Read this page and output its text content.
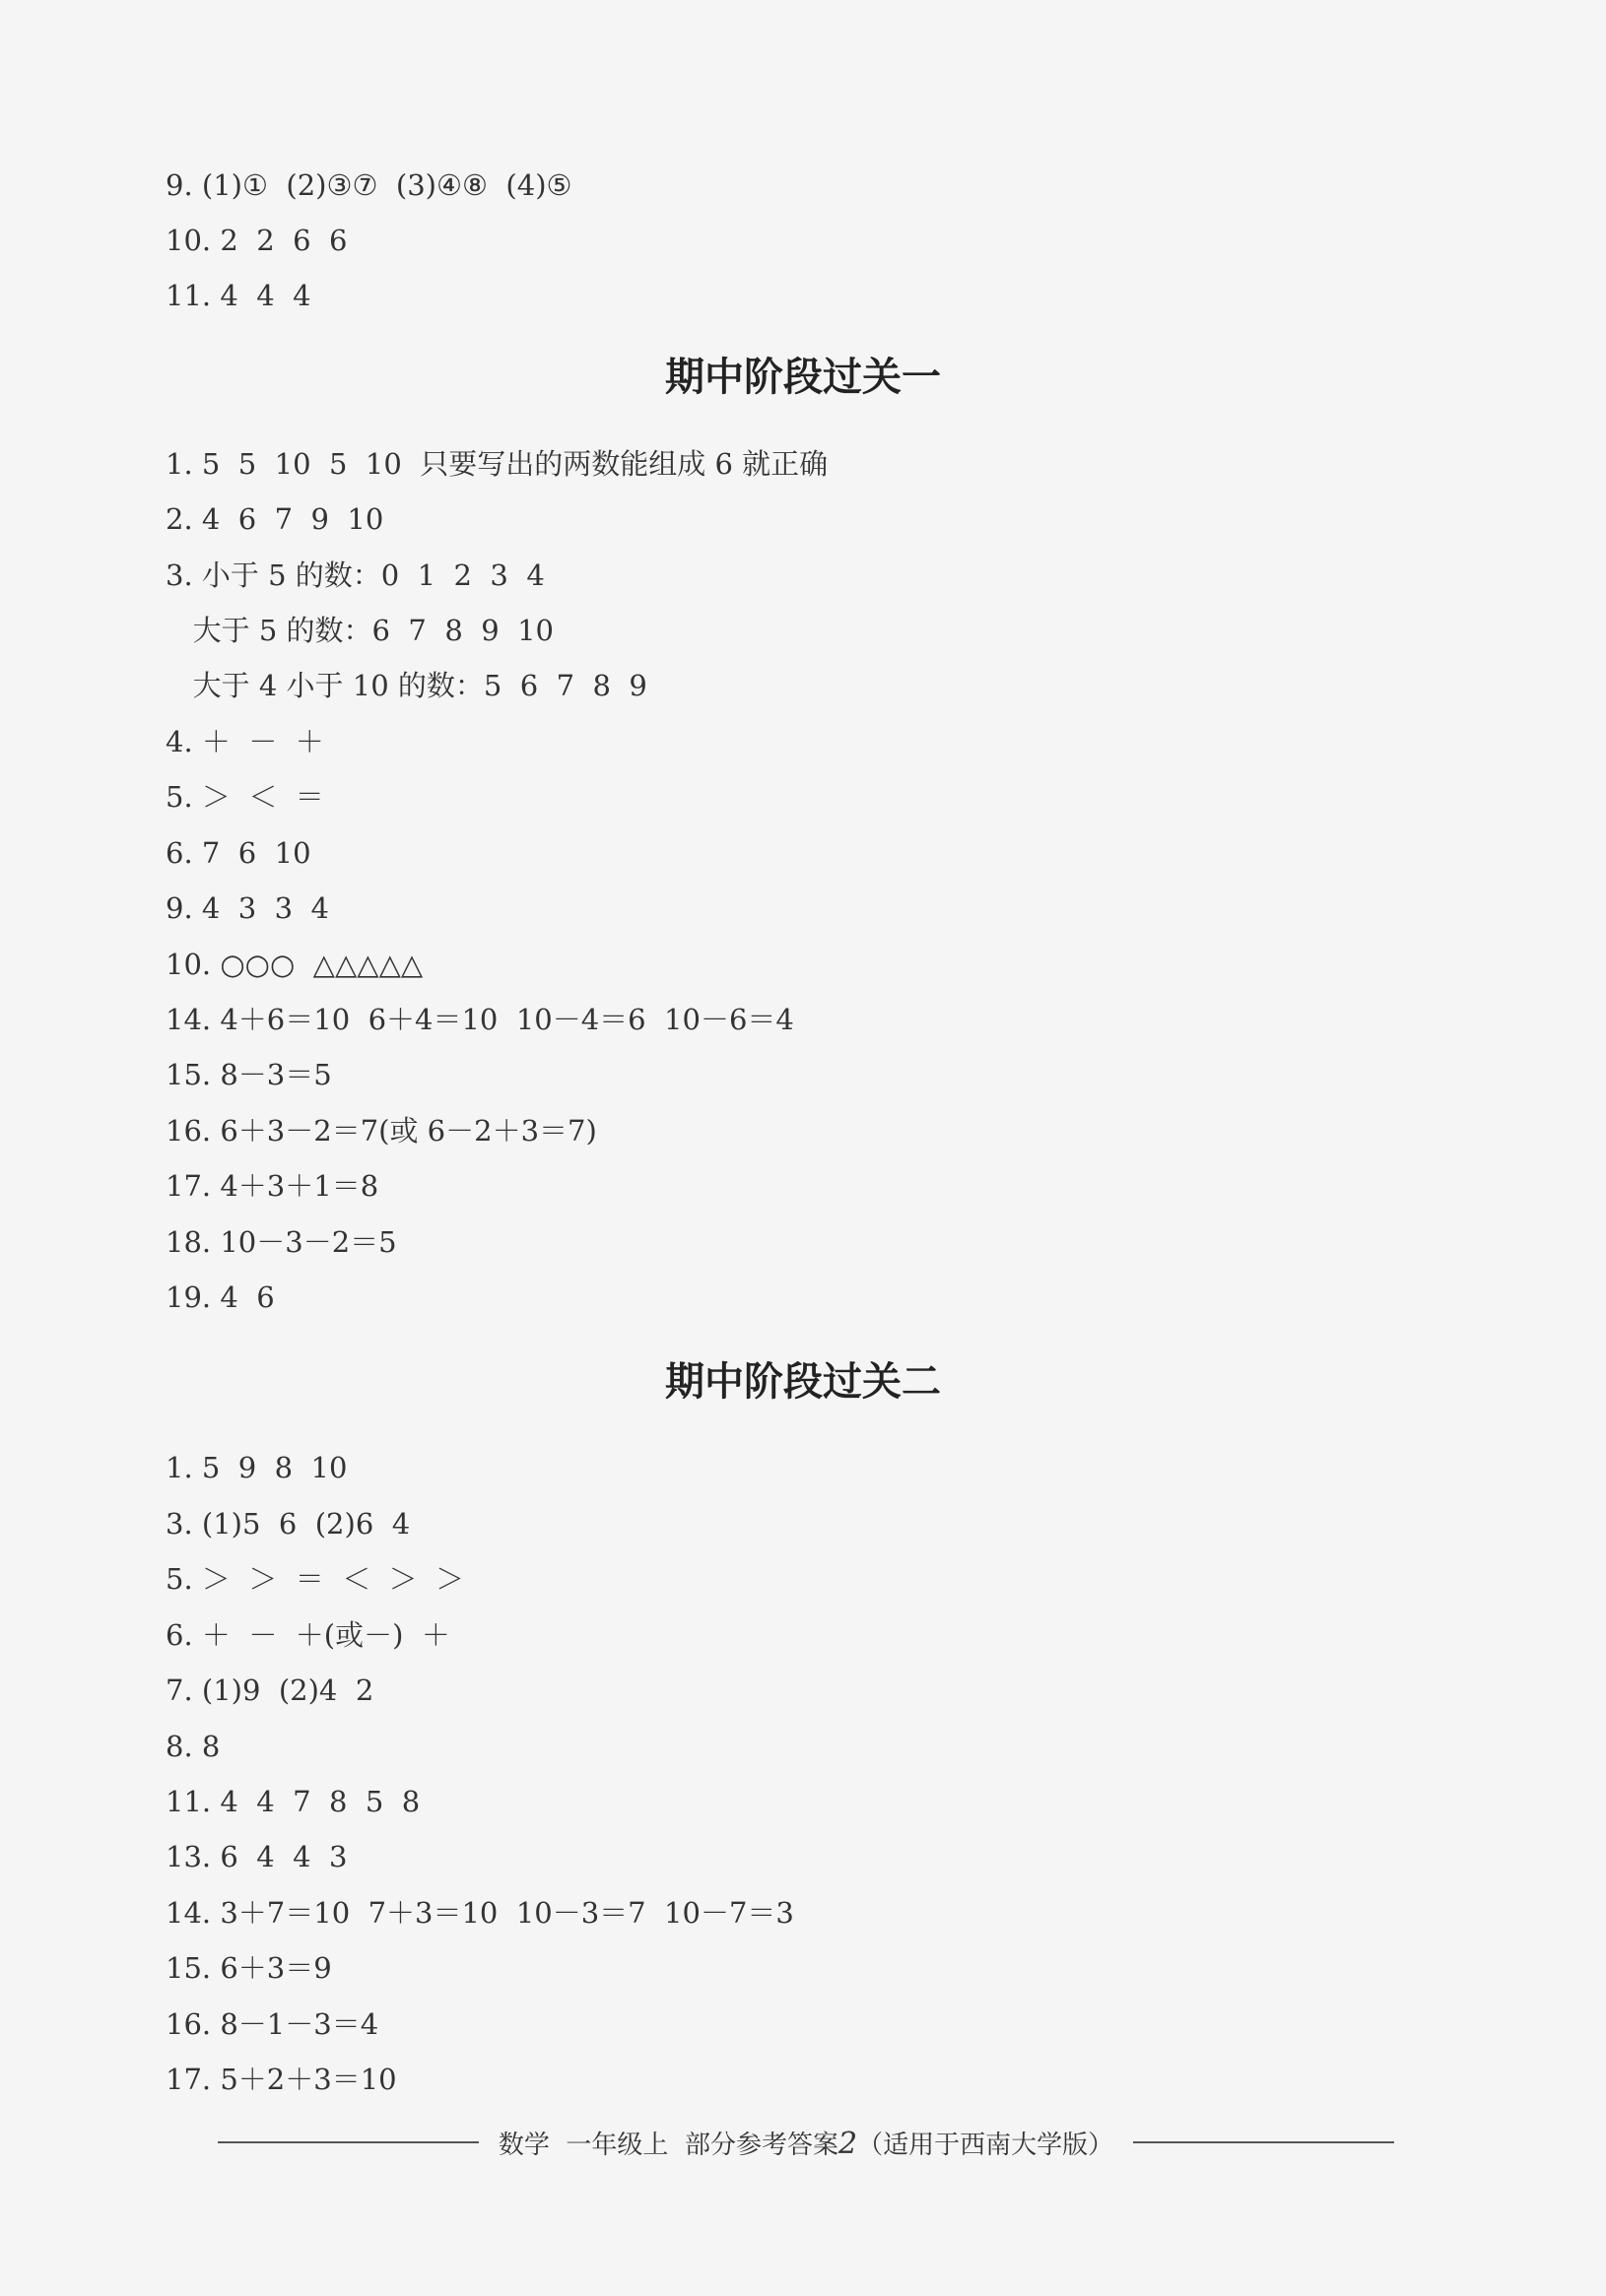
9. (1)①  (2)③⑦  (3)④⑧  (4)⑤
10. 2  2  6  6
11. 4  4  4
期中阶段过关一
1. 5  5  10  5  10  只要写出的两数能组成 6 就正确
2. 4  6  7  9  10
3. 小于 5 的数：0  1  2  3  4
大于 5 的数：6  7  8  9  10
大于 4 小于 10 的数：5  6  7  8  9
4. ＋  －  ＋
5. ＞  ＜  ＝
6. 7  6  10
9. 4  3  3  4
10. ○○○  △△△△△
14. 4＋6＝10  6＋4＝10  10－4＝6  10－6＝4
15. 8－3＝5
16. 6＋3－2＝7(或 6－2＋3＝7)
17. 4＋3＋1＝8
18. 10－3－2＝5
19. 4  6
期中阶段过关二
1. 5  9  8  10
3. (1)5  6  (2)6  4
5. ＞  ＞  ＝  ＜  ＞  ＞
6. ＋  －  ＋(或－)  ＋
7. (1)9  (2)4  2
8. 8
11. 4  4  7  8  5  8
13. 6  4  4  3
14. 3＋7＝10  7＋3＝10  10－3＝7  10－7＝3
15. 6＋3＝9
16. 8－1－3＝4
17. 5＋2＋3＝10
数学  一年级上  部分参考答案2（适用于西南大学版）
